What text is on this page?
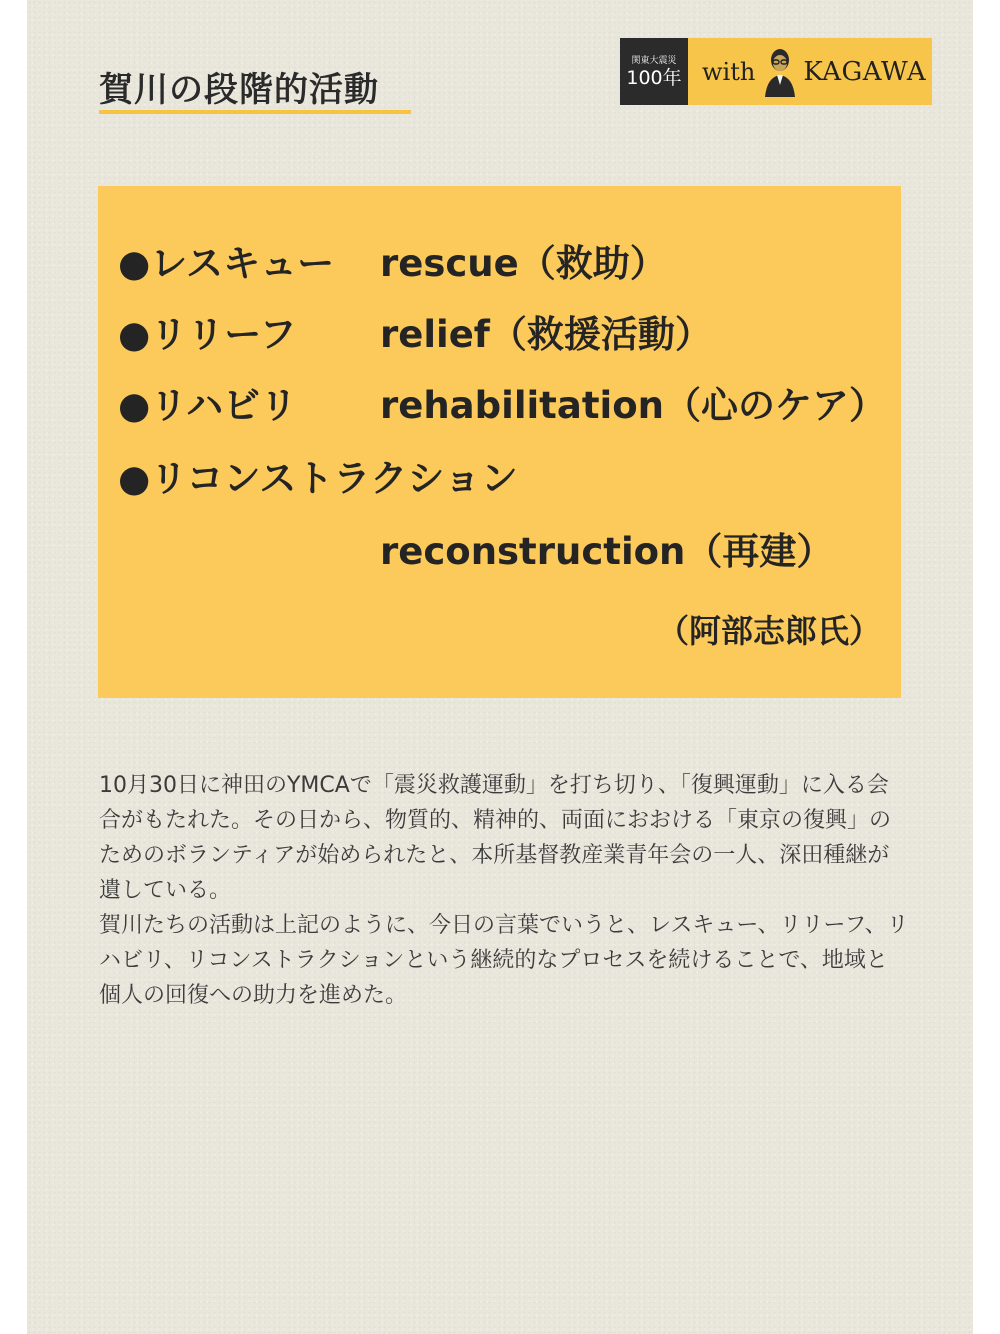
賀川の段階的活動
関東大震災
100年 with KAGAWA
●レスキュー rescue（救助）
●リリーフ relief（救援活動）
●リハビリ rehabilitation（心のケア）
●リコンストラクション
reconstruction（再建）
（阿部志郎氏）

10月30日に神田のYMCAで「震災救護運動」を打ち切り、「復興運動」に入る会合がもたれた。その日から、物質的、精神的、両面におおける「東京の復興」のためのボランティアが始められたと、本所基督教産業青年会の一人、深田種継が遺している。

賀川たちの活動は上記のように、今日の言葉でいうと、レスキュー、リリーフ、リハビリ、リコンストラクションという継続的なプロセスを続けることで、地域と個人の回復への助力を進めた。
